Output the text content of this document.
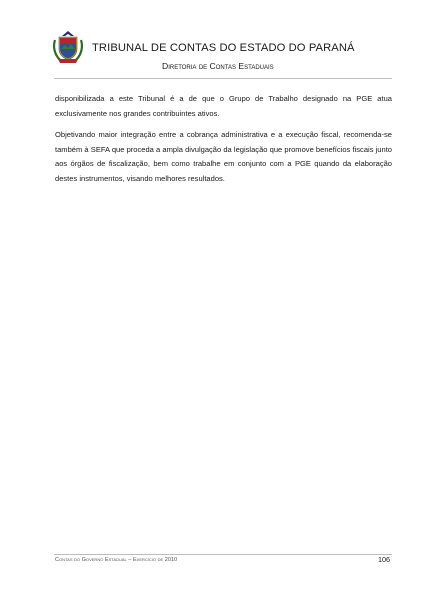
TRIBUNAL DE CONTAS DO ESTADO DO PARANÁ
Diretoria de Contas Estaduais

disponibilizada a este Tribunal é a de que o Grupo de Trabalho designado na PGE atua exclusivamente nos grandes contribuintes ativos.

Objetivando maior integração entre a cobrança administrativa e a execução fiscal, recomenda-se também à SEFA que proceda a ampla divulgação da legislação que promove benefícios fiscais junto aos órgãos de fiscalização, bem como trabalhe em conjunto com a PGE quando da elaboração destes instrumentos, visando melhores resultados.

Contas do Governo Estadual – Exercício de 2010	106
